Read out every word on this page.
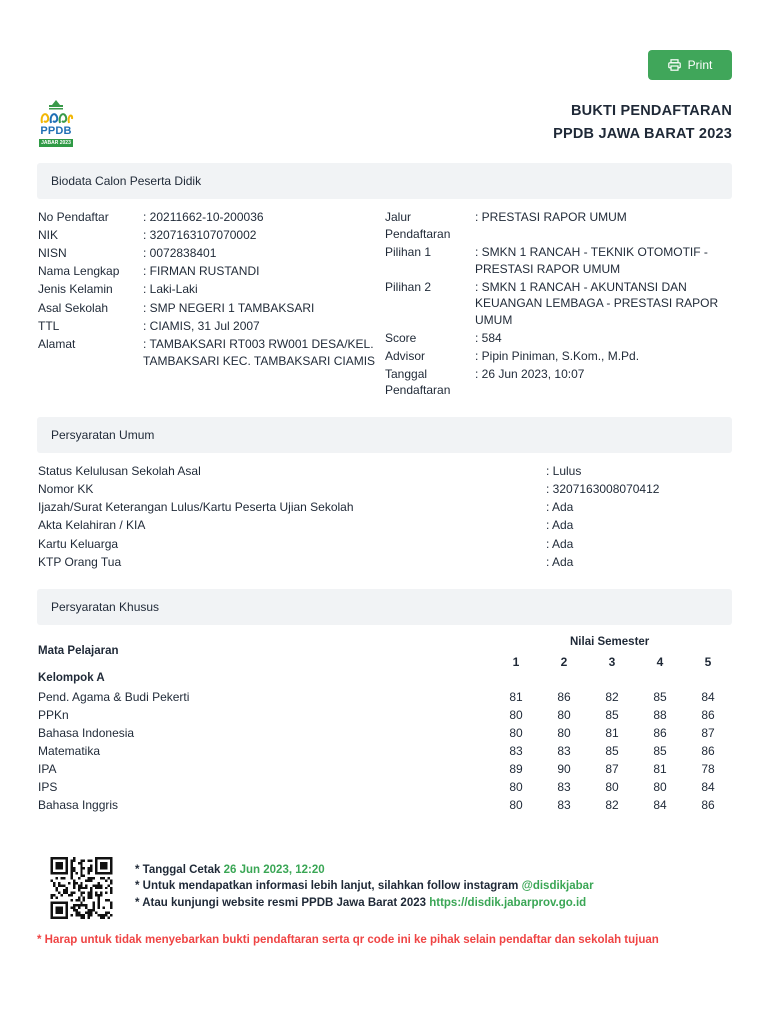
Print
PPDB
JABAR 2023
BUKTI PENDAFTARAN
PPDB JAWA BARAT 2023
Biodata Calon Peserta Didik
No Pendaftar	: 20211662-10-200036
NIK	: 3207163107070002
NISN	: 0072838401
Nama Lengkap : FIRMAN RUSTANDI
Jenis Kelamin	: Laki-Laki
Asal Sekolah	: SMP NEGERI 1 TAMBAKSARI
TTL	: CIAMIS, 31 Jul 2007
Alamat	: TAMBAKSARI RT003 RW001 DESA/KEL.
TAMBAKSARI KEC. TAMBAKSARI CIAMIS
Jalur
Pendaftaran
: PRESTASI RAPOR UMUM
Pilihan 1	: SMKN 1 RANCAH - TEKNIK OTOMOTIF -
PRESTASI RAPOR UMUM
Pilihan 2	: SMKN 1 RANCAH - AKUNTANSI DAN
KEUANGAN LEMBAGA - PRESTASI RAPOR
UMUM
Score	: 584
Advisor	: Pipin Piniman, S.Kom., M.Pd.
Tanggal
Pendaftaran
: 26 Jun 2023, 10:07
Persyaratan Umum
Status Kelulusan Sekolah Asal	: Lulus
Nomor KK	: 3207163008070412
Ijazah/Surat Keterangan Lulus/Kartu Peserta Ujian Sekolah	: Ada
Akta Kelahiran / KIA	: Ada
Kartu Keluarga	: Ada
KTP Orang Tua	: Ada
Persyaratan Khusus
Mata Pelajaran
Nilai Semester
1	2	3	4	5
Kelompok A
Pend. Agama & Budi Pekerti	81	86	82	85	84
PPKn	80	80	85	88	86
Bahasa Indonesia	80	80	81	86	87
Matematika	83	83	85	85	86
IPA	89	90	87	81	78
IPS	80	83	80	80	84
Bahasa Inggris	80	83	82	84	86
* Tanggal Cetak 26 Jun 2023, 12:20
* Untuk mendapatkan informasi lebih lanjut, silahkan follow instagram @disdikjabar
* Atau kunjungi website resmi PPDB Jawa Barat 2023 https://disdik.jabarprov.go.id
* Harap untuk tidak menyebarkan bukti pendaftaran serta qr code ini ke pihak selain pendaftar dan sekolah tujuan
